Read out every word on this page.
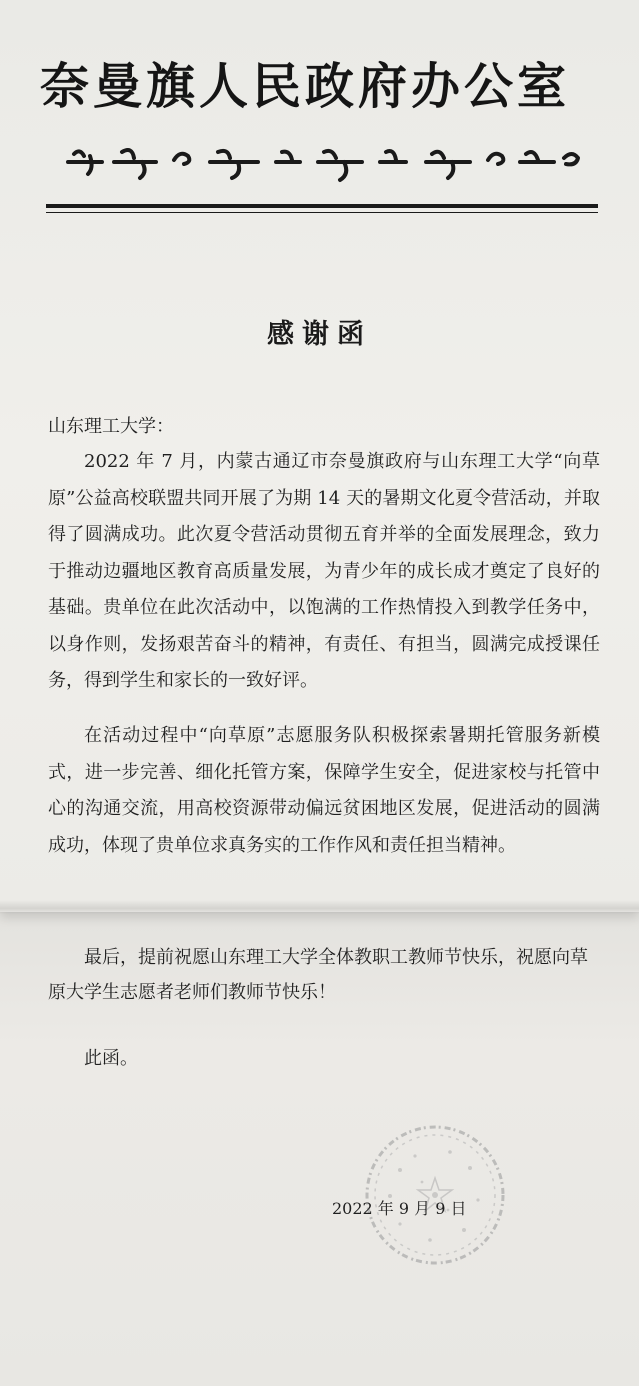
奈曼旗人民政府办公室
感谢函
山东理工大学：

2022 年 7 月，内蒙古通辽市奈曼旗政府与山东理工大学“向草原”公益高校联盟共同开展了为期 14 天的暑期文化夏令营活动，并取得了圆满成功。此次夏令营活动贯彻五育并举的全面发展理念，致力于推动边疆地区教育高质量发展，为青少年的成长成才奠定了良好的基础。贵单位在此次活动中，以饱满的工作热情投入到教学任务中，以身作则，发扬艰苦奋斗的精神，有责任、有担当，圆满完成授课任务，得到学生和家长的一致好评。

在活动过程中“向草原”志愿服务队积极探索暑期托管服务新模式，进一步完善、细化托管方案，保障学生安全，促进家校与托管中心的沟通交流，用高校资源带动偏远贫困地区发展，促进活动的圆满成功，体现了贵单位求真务实的工作作风和责任担当精神。

最后，提前祝愿山东理工大学全体教职工教师节快乐，祝愿向草原大学生志愿者老师们教师节快乐！

此函。
2022 年 9 月 9 日
